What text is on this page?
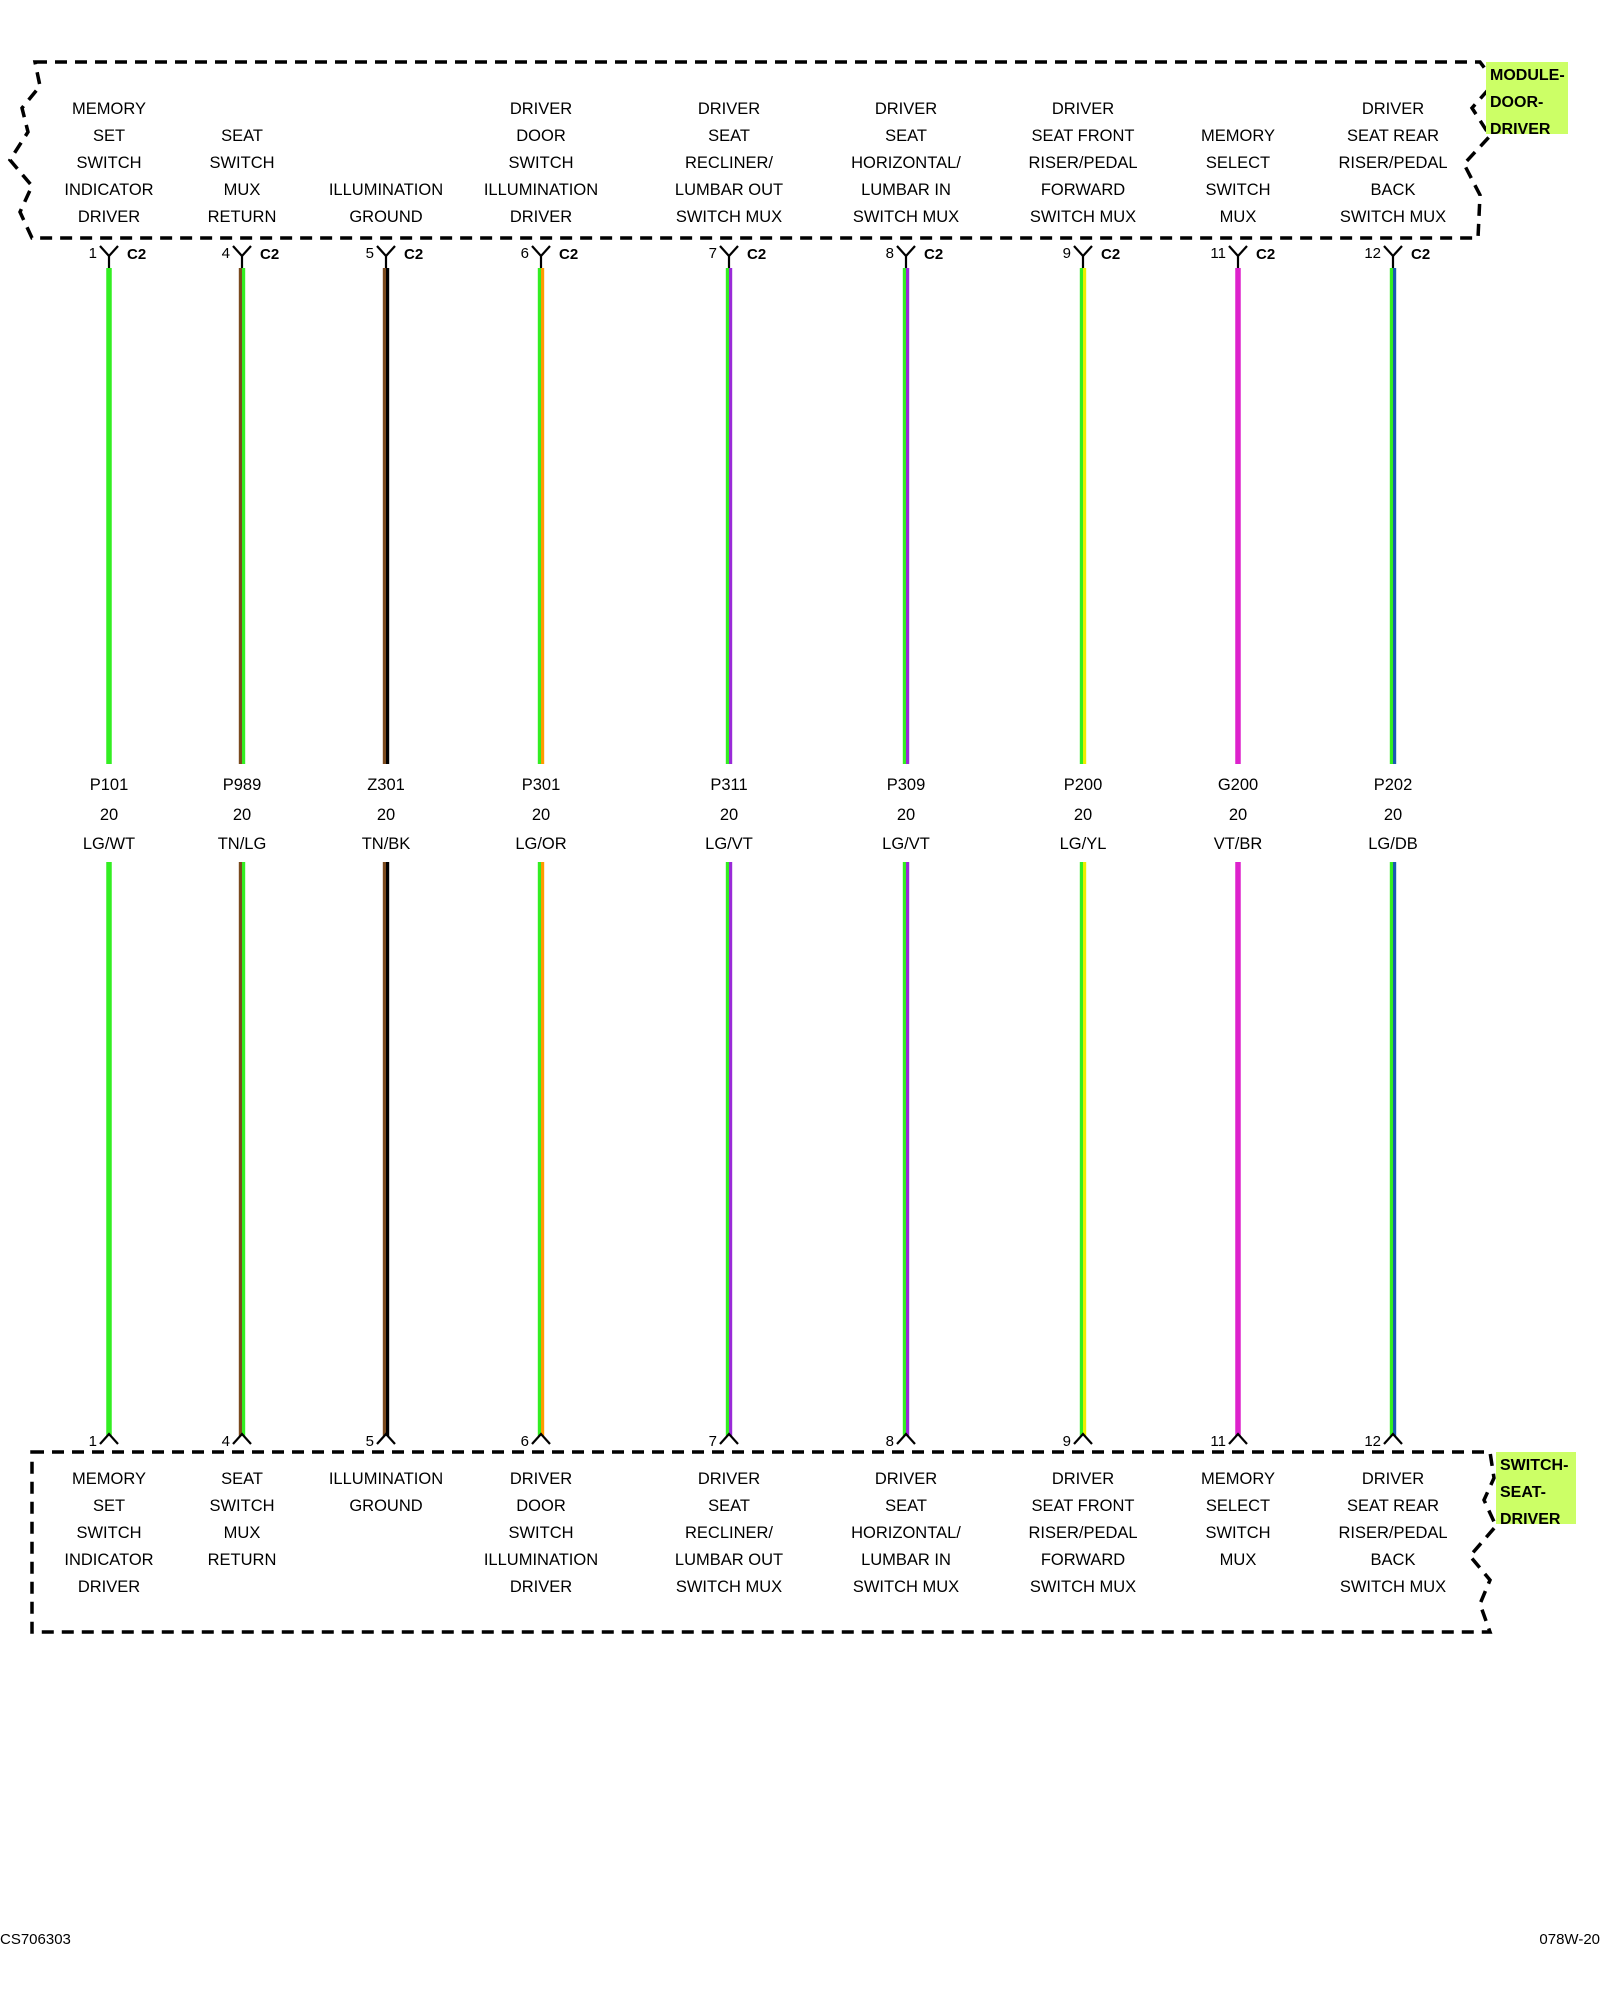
MODULE-
DOOR-
DRIVER
SWITCH-
SEAT-
DRIVER
MEMORY
SET
SWITCH
INDICATOR
DRIVER
1 C2
P101
20
LG/WT
1
MEMORY
SET
SWITCH
INDICATOR
DRIVER
SEAT
SWITCH
MUX
RETURN
4 C2
P989
20
TN/LG
4
SEAT
SWITCH
MUX
RETURN
ILLUMINATION
GROUND
5 C2
Z301
20
TN/BK
5
ILLUMINATION
GROUND
DRIVER
DOOR
SWITCH
ILLUMINATION
DRIVER
6 C2
P301
20
LG/OR
6
DRIVER
DOOR
SWITCH
ILLUMINATION
DRIVER
DRIVER
SEAT
RECLINER/
LUMBAR OUT
SWITCH MUX
7 C2
P311
20
LG/VT
7
DRIVER
SEAT
RECLINER/
LUMBAR OUT
SWITCH MUX
DRIVER
SEAT
HORIZONTAL/
LUMBAR IN
SWITCH MUX
8 C2
P309
20
LG/VT
8
DRIVER
SEAT
HORIZONTAL/
LUMBAR IN
SWITCH MUX
DRIVER
SEAT FRONT
RISER/PEDAL
FORWARD
SWITCH MUX
9 C2
P200
20
LG/YL
9
DRIVER
SEAT FRONT
RISER/PEDAL
FORWARD
SWITCH MUX
MEMORY
SELECT
SWITCH
MUX
11 C2
G200
20
VT/BR
11
MEMORY
SELECT
SWITCH
MUX
DRIVER
SEAT REAR
RISER/PEDAL
BACK
SWITCH MUX
12 C2
P202
20
LG/DB
12
DRIVER
SEAT REAR
RISER/PEDAL
BACK
SWITCH MUX
CS706303	078W-20
